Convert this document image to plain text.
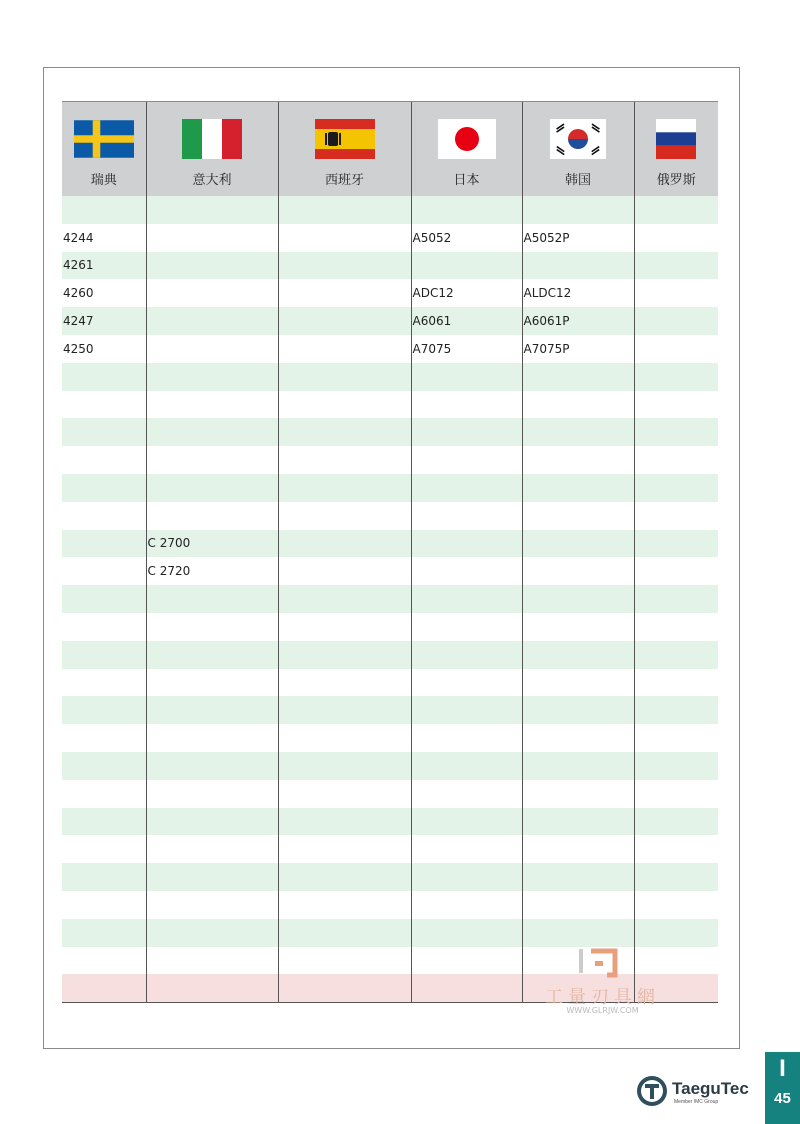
瑞典	意大利	西班牙	日本	韩国	俄罗斯

4244			A5052	A5052P	
4261					
4260			ADC12	ALDC12	
4247			A6061	A6061P	
4250			A7075	A7075P	

	C 2700				
	C 2720				

工量刃具網
WWW.GLRJW.COM
TaeguTec
Member IMC Group
I
45
